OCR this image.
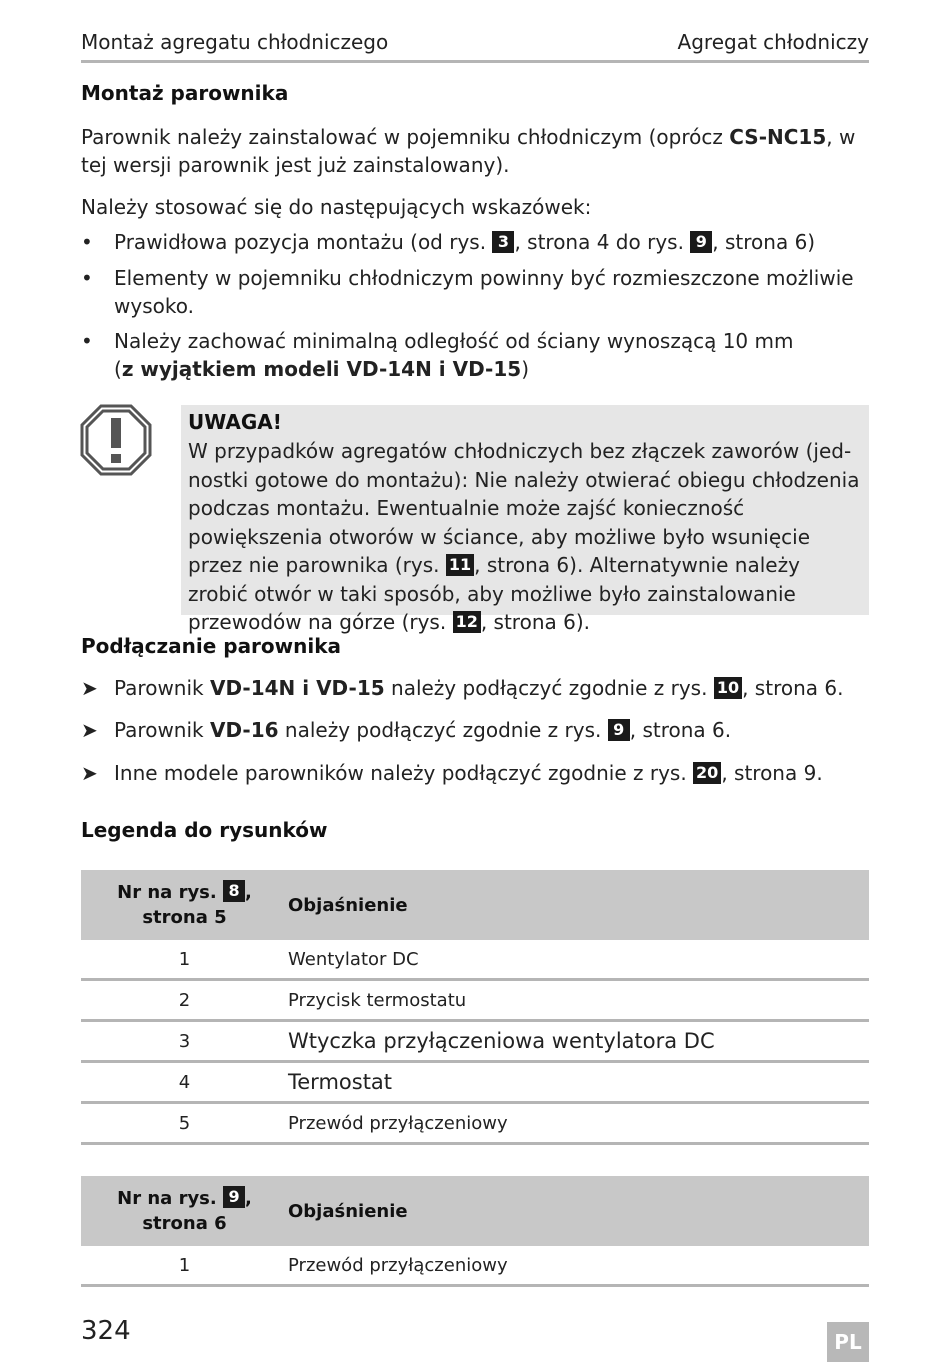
Montaż agregatu chłodniczego	Agregat chłodniczy
Montaż parownika
Parownik należy zainstalować w pojemniku chłodniczym (oprócz CS-NC15, w tej wersji parownik jest już zainstalowany).
Należy stosować się do następujących wskazówek:
•	Prawidłowa pozycja montażu (od rys. 3 , strona 4 do rys. 9 , strona 6)
•	Elementy w pojemniku chłodniczym powinny być rozmieszczone możliwie wysoko.
•	Należy zachować minimalną odległość od ściany wynoszącą 10 mm
(z wyjątkiem modeli VD-14N i VD-15)
UWAGA!
W przypadków agregatów chłodniczych bez złączek zaworów (jed-nostki gotowe do montażu): Nie należy otwierać obiegu chłodzenia podczas montażu. Ewentualnie może zajść konieczność powiększenia otworów w ściance, aby możliwe było wsunięcie przez nie parownika (rys. 11 , strona 6). Alternatywnie należy zrobić otwór w taki sposób, aby możliwe było zainstalowanie przewodów na górze (rys. 12 , strona 6).
Podłączanie parownika
➤ Parownik VD-14N i VD-15 należy podłączyć zgodnie z rys. 10 , strona 6.
➤ Parownik VD-16 należy podłączyć zgodnie z rys. 9 , strona 6.
➤ Inne modele parowników należy podłączyć zgodnie z rys. 20 , strona 9.
Legenda do rysunków
Nr na rys. 8 ,
strona 5	Objaśnienie
1	Wentylator DC
2	Przycisk termostatu
3	Wtyczka przyłączeniowa wentylatora DC
4	Termostat
5	Przewód przyłączeniowy
Nr na rys. 9 ,
strona 6	Objaśnienie
1	Przewód przyłączeniowy
324	PL
